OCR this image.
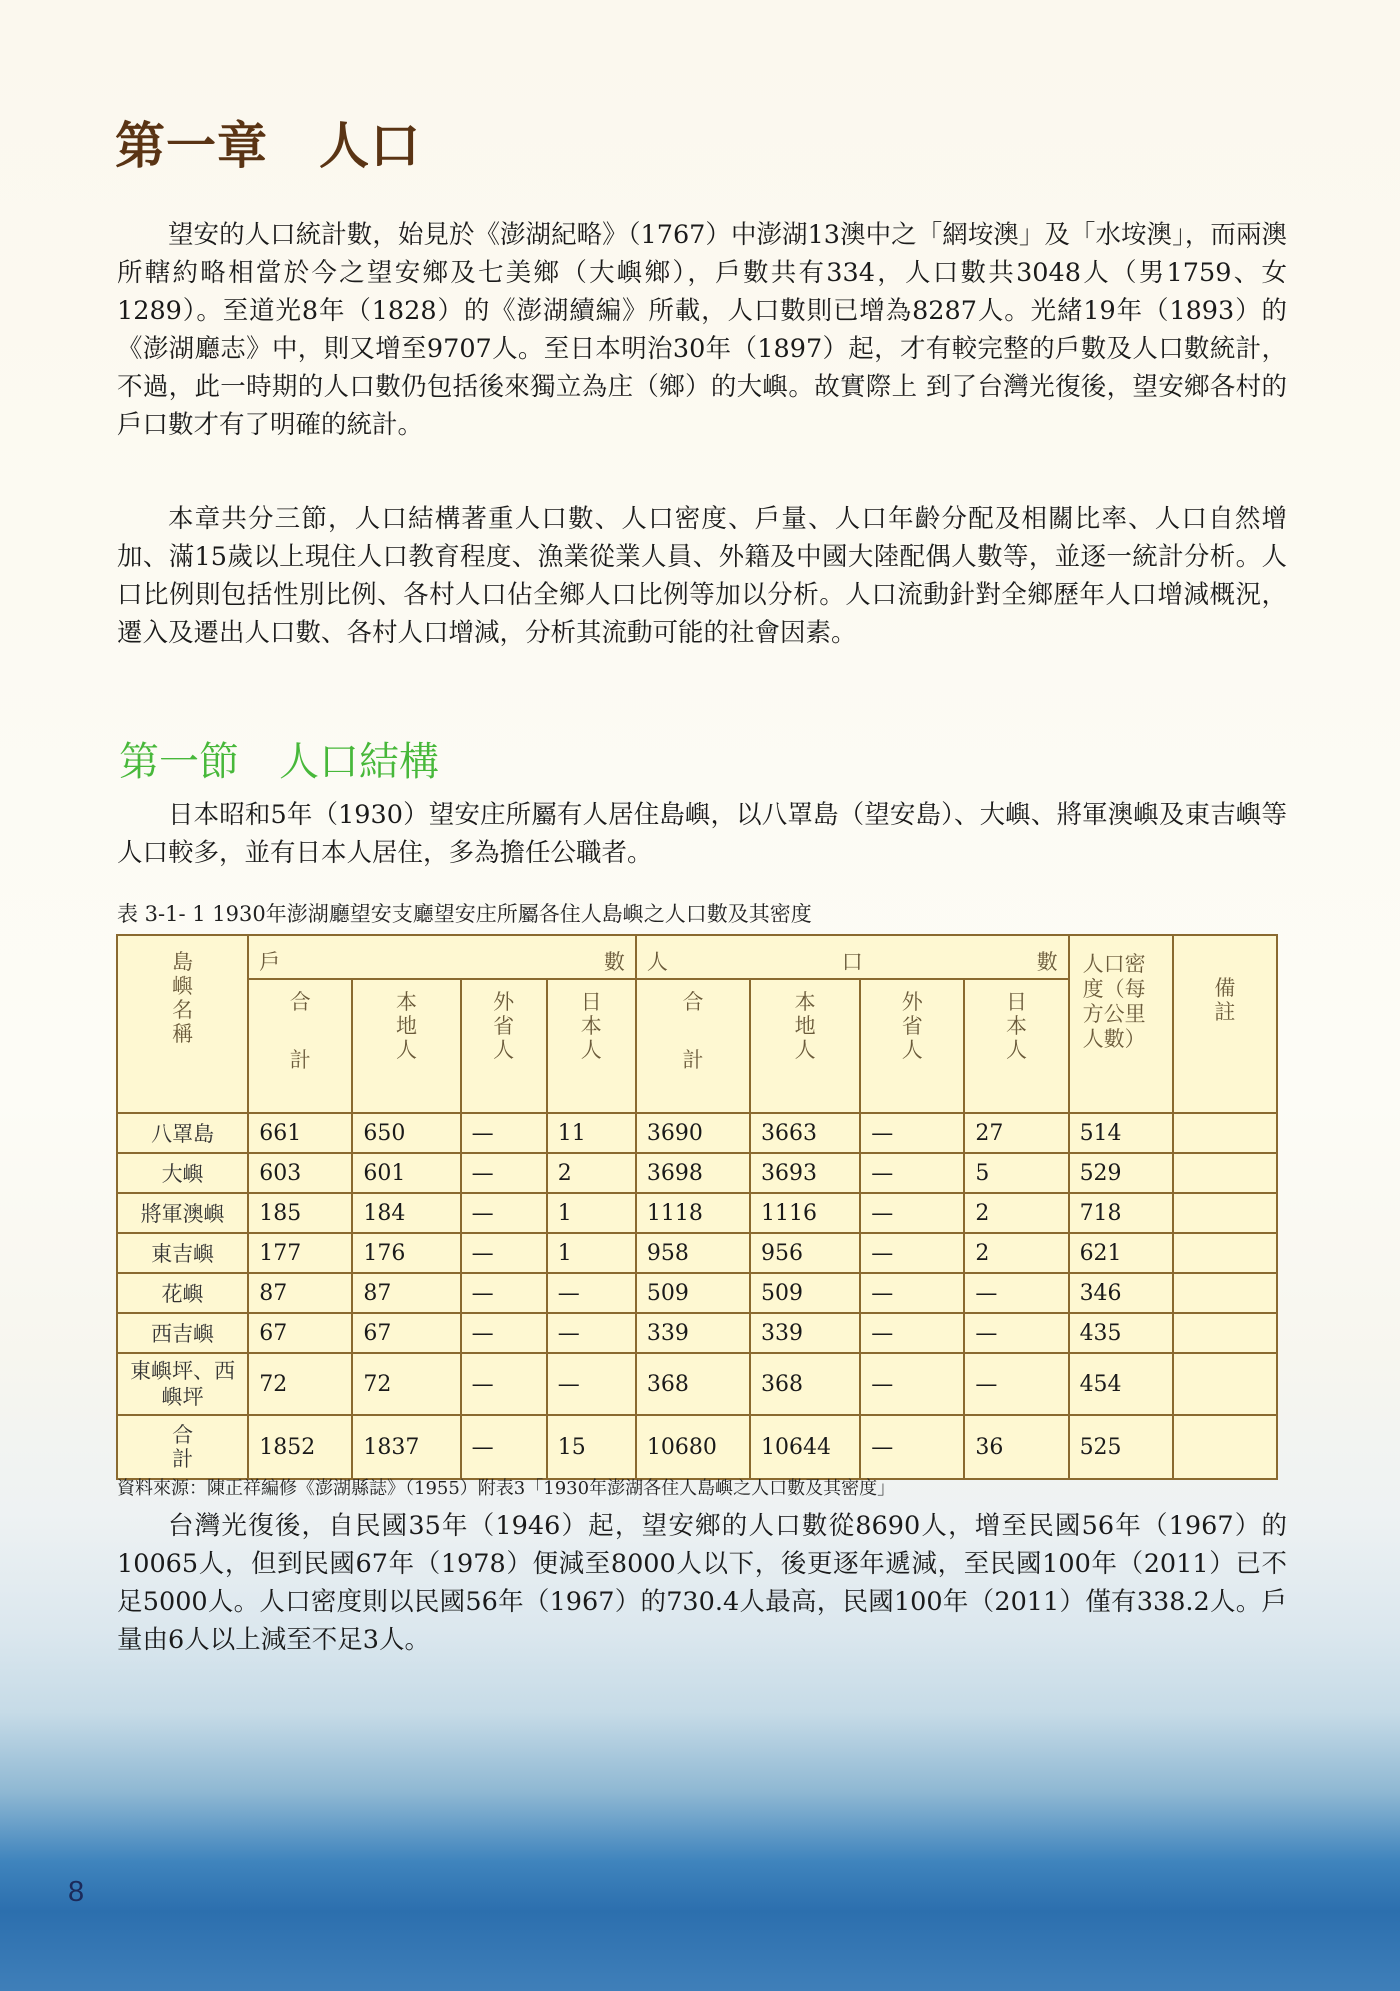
第一章　人口

望安的人口統計數，始見於《澎湖紀略》（1767）中澎湖13澳中之「網垵澳」及「水垵澳」，而兩澳所轄約略相當於今之望安鄉及七美鄉（大嶼鄉），戶數共有334，人口數共3048人（男1759、女1289）。至道光8年（1828）的《澎湖續編》所載，人口數則已增為8287人。光緒19年（1893）的《澎湖廳志》中，則又增至9707人。至日本明治30年（1897）起，才有較完整的戶數及人口數統計，不過，此一時期的人口數仍包括後來獨立為庄（鄉）的大嶼。故實際上 到了台灣光復後，望安鄉各村的戶口數才有了明確的統計。

本章共分三節，人口結構著重人口數、人口密度、戶量、人口年齡分配及相關比率、人口自然增加、滿15歲以上現住人口教育程度、漁業從業人員、外籍及中國大陸配偶人數等，並逐一統計分析。人口比例則包括性別比例、各村人口佔全鄉人口比例等加以分析。人口流動針對全鄉歷年人口增減概況，遷入及遷出人口數、各村人口增減，分析其流動可能的社會因素。

第一節　人口結構

日本昭和5年（1930）望安庄所屬有人居住島嶼，以八罩島（望安島）、大嶼、將軍澳嶼及東吉嶼等人口較多，並有日本人居住，多為擔任公職者。

表 3-1- 1 1930年澎湖廳望安支廳望安庄所屬各住人島嶼之人口數及其密度

島嶼名稱	戶 數				人 口 數				人口密度（每方公里人數）	備註

	合
計	本地人	外省人	日本人	合
計	本地人	外省人	日本人		

八罩島	661	650	—	11	3690	3663	—	27	514	
大嶼	603	601	—	2	3698	3693	—	5	529	
將軍澳嶼	185	184	—	1	1118	1116	—	2	718	
東吉嶼	177	176	—	1	958	956	—	2	621	
花嶼	87	87	—	—	509	509	—	—	346	
西吉嶼	67	67	—	—	339	339	—	—	435	
東嶼坪、西嶼坪	72	72	—	—	368	368	—	—	454	

合計	1852	1837	—	15	10680	10644	—	36	525	

資料來源：陳正祥編修《澎湖縣誌》（1955）附表3「1930年澎湖各住人島嶼之人口數及其密度」

台灣光復後，自民國35年（1946）起，望安鄉的人口數從8690人，增至民國56年（1967）的10065人，但到民國67年（1978）便減至8000人以下，後更逐年遞減，至民國100年（2011）已不足5000人。人口密度則以民國56年（1967）的730.4人最高，民國100年（2011）僅有338.2人。戶量由6人以上減至不足3人。

8
